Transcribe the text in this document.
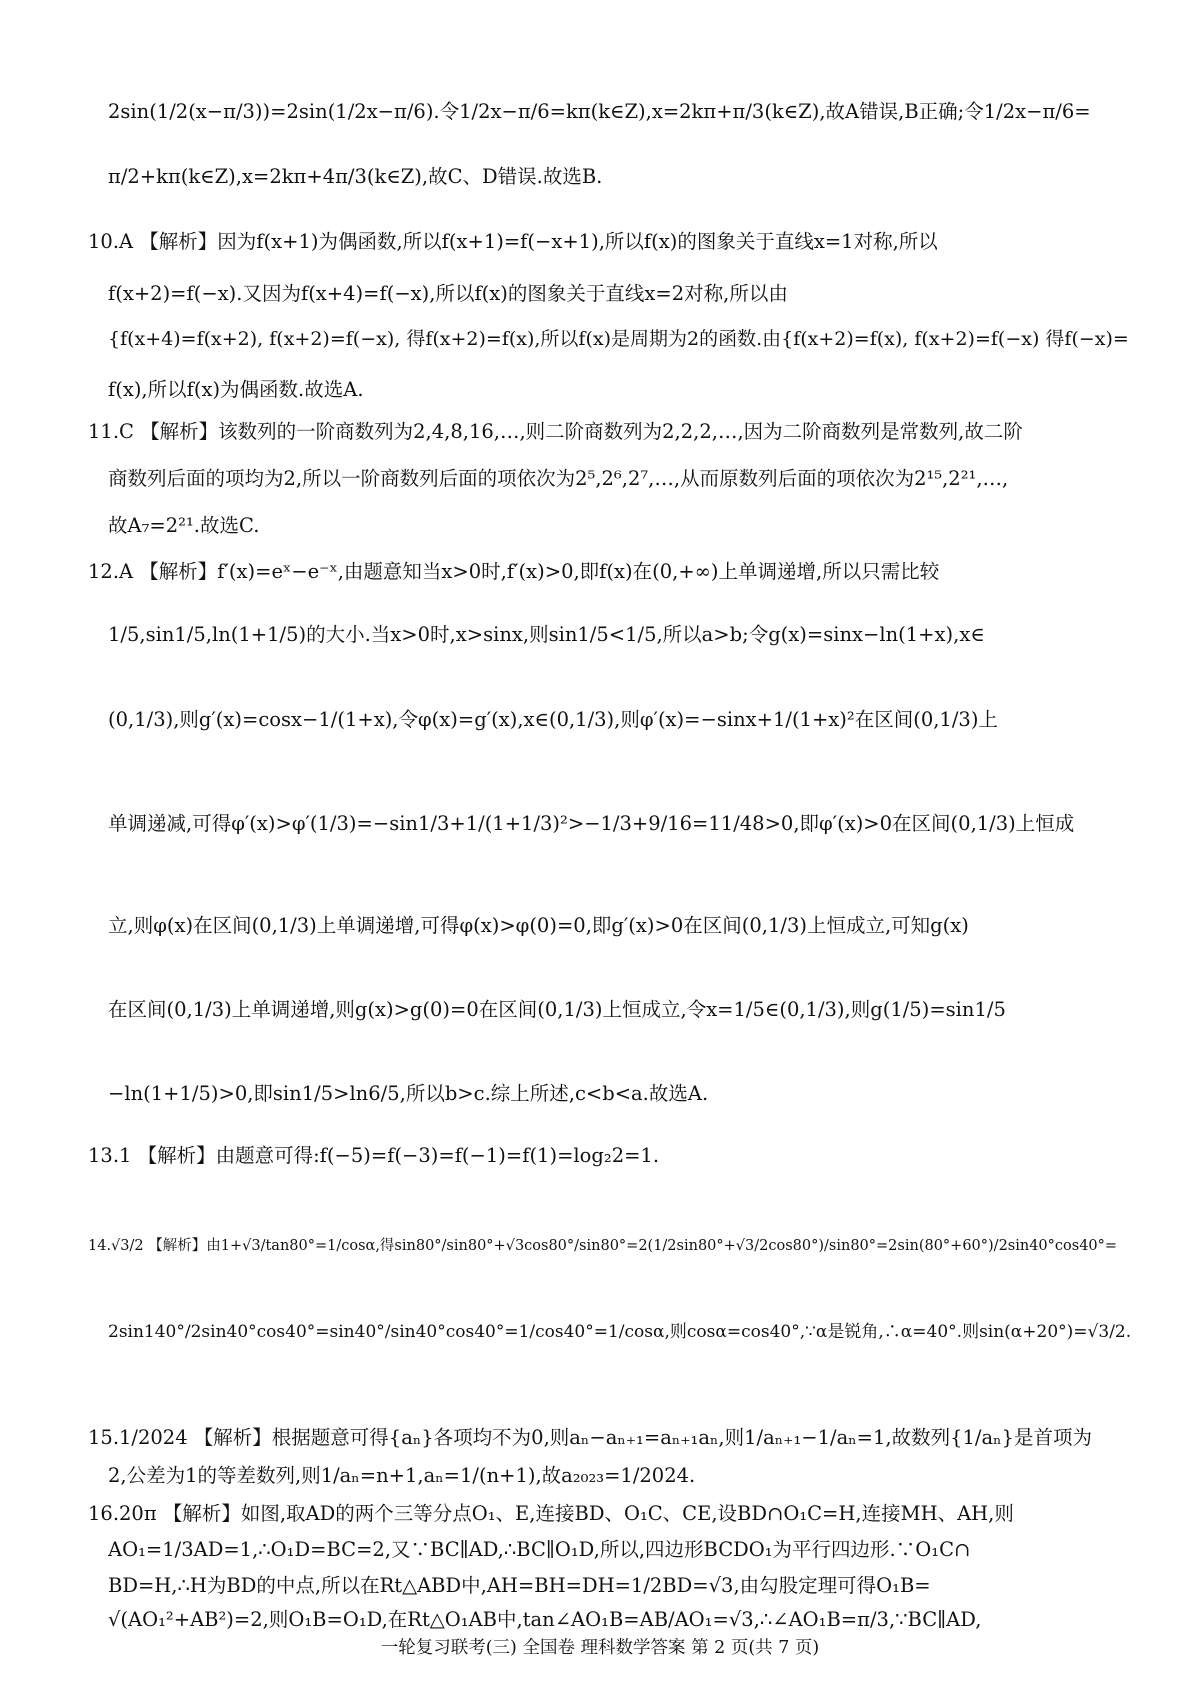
2sin(1/2(x−π/3))=2sin(1/2x−π/6).令1/2x−π/6=kπ(k∈Z),x=2kπ+π/3(k∈Z),故A错误,B正确;令1/2x−π/6=
π/2+kπ(k∈Z),x=2kπ+4π/3(k∈Z),故C、D错误.故选B.
10.A 【解析】因为f(x+1)为偶函数,所以f(x+1)=f(−x+1),所以f(x)的图象关于直线x=1对称,所以
f(x+2)=f(−x).又因为f(x+4)=f(−x),所以f(x)的图象关于直线x=2对称,所以由
{f(x+4)=f(x+2), f(x+2)=f(−x), 得f(x+2)=f(x),所以f(x)是周期为2的函数.由{f(x+2)=f(x), f(x+2)=f(−x) 得f(−x)=
f(x),所以f(x)为偶函数.故选A.
11.C 【解析】该数列的一阶商数列为2,4,8,16,…,则二阶商数列为2,2,2,…,因为二阶商数列是常数列,故二阶
商数列后面的项均为2,所以一阶商数列后面的项依次为2⁵,2⁶,2⁷,…,从而原数列后面的项依次为2¹⁵,2²¹,…,
故A₇=2²¹.故选C.
12.A 【解析】f′(x)=eˣ−e⁻ˣ,由题意知当x>0时,f′(x)>0,即f(x)在(0,+∞)上单调递增,所以只需比较
1/5,sin1/5,ln(1+1/5)的大小.当x>0时,x>sinx,则sin1/5<1/5,所以a>b;令g(x)=sinx−ln(1+x),x∈
(0,1/3),则g′(x)=cosx−1/(1+x),令φ(x)=g′(x),x∈(0,1/3),则φ′(x)=−sinx+1/(1+x)²在区间(0,1/3)上
单调递减,可得φ′(x)>φ′(1/3)=−sin1/3+1/(1+1/3)²>−1/3+9/16=11/48>0,即φ′(x)>0在区间(0,1/3)上恒成
立,则φ(x)在区间(0,1/3)上单调递增,可得φ(x)>φ(0)=0,即g′(x)>0在区间(0,1/3)上恒成立,可知g(x)
在区间(0,1/3)上单调递增,则g(x)>g(0)=0在区间(0,1/3)上恒成立,令x=1/5∈(0,1/3),则g(1/5)=sin1/5
−ln(1+1/5)>0,即sin1/5>ln6/5,所以b>c.综上所述,c<b<a.故选A.
13.1 【解析】由题意可得:f(−5)=f(−3)=f(−1)=f(1)=log₂2=1.
14.√3/2 【解析】由1+√3/tan80°=1/cosα,得sin80°/sin80°+√3cos80°/sin80°=2(1/2sin80°+√3/2cos80°)/sin80°=2sin(80°+60°)/2sin40°cos40°=
2sin140°/2sin40°cos40°=sin40°/sin40°cos40°=1/cos40°=1/cosα,则cosα=cos40°,∵α是锐角,∴α=40°.则sin(α+20°)=√3/2.
15.1/2024 【解析】根据题意可得{aₙ}各项均不为0,则aₙ−aₙ₊₁=aₙ₊₁aₙ,则1/aₙ₊₁−1/aₙ=1,故数列{1/aₙ}是首项为
2,公差为1的等差数列,则1/aₙ=n+1,aₙ=1/(n+1),故a₂₀₂₃=1/2024.
16.20π 【解析】如图,取AD的两个三等分点O₁、E,连接BD、O₁C、CE,设BD∩O₁C=H,连接MH、AH,则
AO₁=1/3AD=1,∴O₁D=BC=2,又∵BC∥AD,∴BC∥O₁D,所以,四边形BCDO₁为平行四边形.∵O₁C∩
BD=H,∴H为BD的中点,所以在Rt△ABD中,AH=BH=DH=1/2BD=√3,由勾股定理可得O₁B=
√(AO₁²+AB²)=2,则O₁B=O₁D,在Rt△O₁AB中,tan∠AO₁B=AB/AO₁=√3,∴∠AO₁B=π/3,∵BC∥AD,
一轮复习联考(三) 全国卷 理科数学答案 第 2 页(共 7 页)
